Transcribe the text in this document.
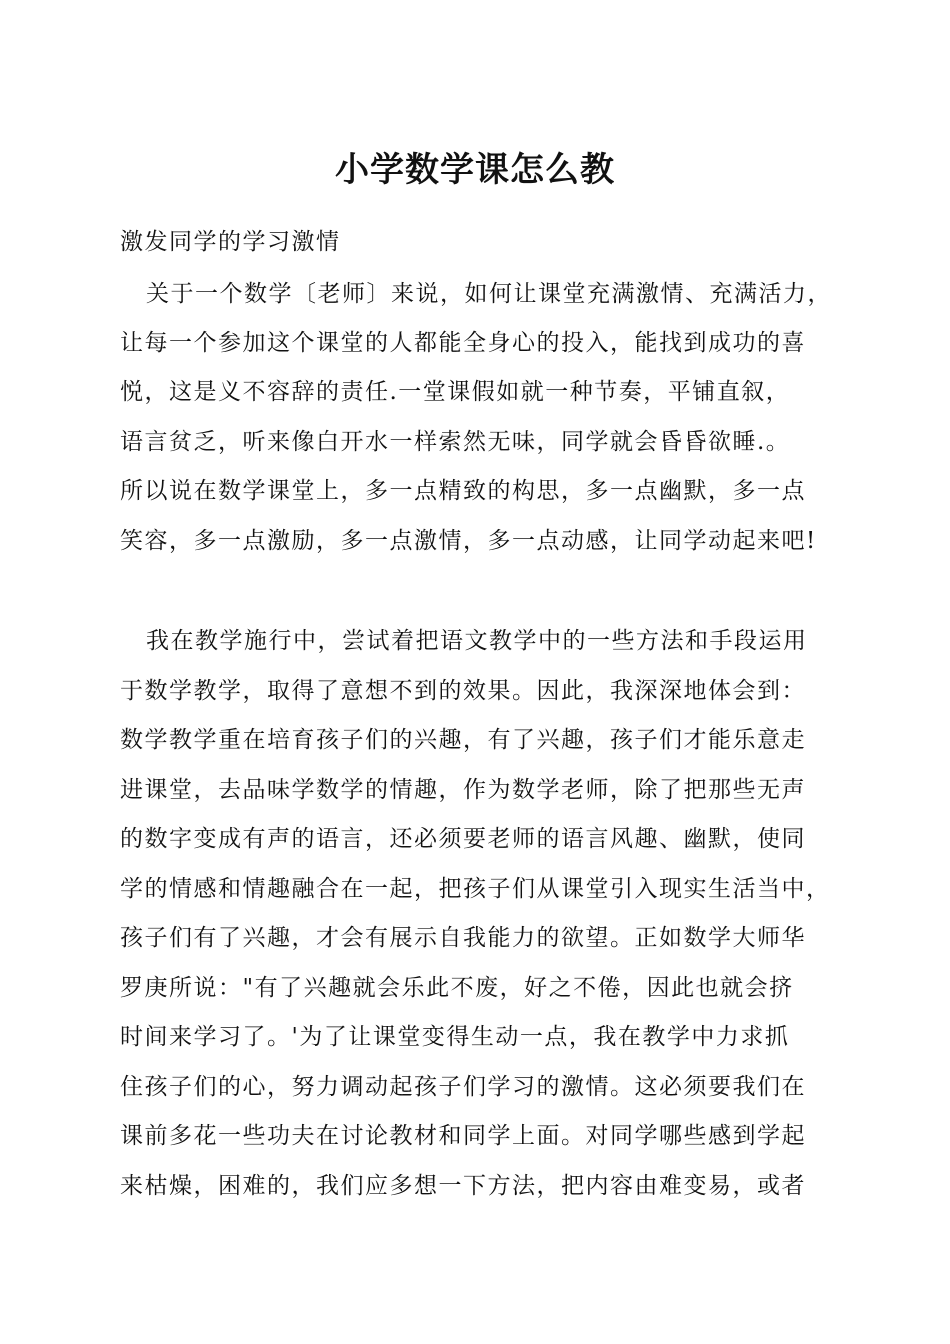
小学数学课怎么教
激发同学的学习激情
关于一个数学〔老师〕来说，如何让课堂充满激情、充满活力，
让每一个参加这个课堂的人都能全身心的投入，能找到成功的喜
悦，这是义不容辞的责任.一堂课假如就一种节奏，平铺直叙，
语言贫乏，听来像白开水一样索然无味，同学就会昏昏欲睡.。
所以说在数学课堂上，多一点精致的构思，多一点幽默，多一点
笑容，多一点激励，多一点激情，多一点动感，让同学动起来吧!
我在教学施行中，尝试着把语文教学中的一些方法和手段运用
于数学教学，取得了意想不到的效果。因此，我深深地体会到：
数学教学重在培育孩子们的兴趣，有了兴趣，孩子们才能乐意走
进课堂，去品味学数学的情趣，作为数学老师，除了把那些无声
的数字变成有声的语言，还必须要老师的语言风趣、幽默，使同
学的情感和情趣融合在一起，把孩子们从课堂引入现实生活当中，
孩子们有了兴趣，才会有展示自我能力的欲望。正如数学大师华
罗庚所说："有了兴趣就会乐此不废，好之不倦，因此也就会挤
时间来学习了。'为了让课堂变得生动一点，我在教学中力求抓
住孩子们的心，努力调动起孩子们学习的激情。这必须要我们在
课前多花一些功夫在讨论教材和同学上面。对同学哪些感到学起
来枯燥，困难的，我们应多想一下方法，把内容由难变易，或者
